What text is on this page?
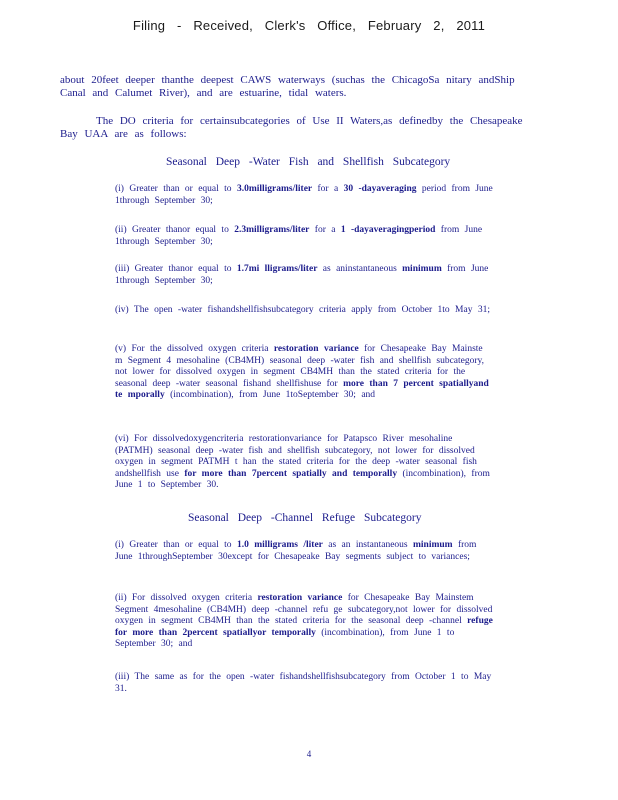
Filing - Received, Clerk's Office, February 2, 2011
about 20feet deeper thanthe deepest CAWS waterways (suchas the ChicagoSa nitary andShip Canal and Calumet River), and are estuarine, tidal waters.
The DO criteria for certainsubcategories of Use II Waters,as definedby the Chesapeake Bay UAA are as follows:
Seasonal Deep -Water Fish and Shellfish Subcategory
(i) Greater than or equal to 3.0milligrams/liter for a 30 -dayaveraging period from June 1through September 30;
(ii) Greater thanor equal to 2.3milligrams/liter for a 1 -dayaveragingperiod from June 1through September 30;
(iii) Greater thanor equal to 1.7mi lligrams/liter as aninstantaneous minimum from June 1through September 30;
(iv) The open -water fishandshellfishsubcategory criteria apply from October 1to May 31;
(v) For the dissolved oxygen criteria restoration variance for Chesapeake Bay Mainste m Segment 4 mesohaline (CB4MH) seasonal deep -water fish and shellfish subcategory, not lower for dissolved oxygen in segment CB4MH than the stated criteria for the seasonal deep -water seasonal fishand shellfishuse for more than 7 percent spatiallyand te mporally (incombination), from June 1toSeptember 30; and
(vi) For dissolvedoxygencriteria restorationvariance for Patapsco River mesohaline (PATMH) seasonal deep -water fish and shellfish subcategory, not lower for dissolved oxygen in segment PATMH t han the stated criteria for the deep -water seasonal fish andshellfish use for more than 7percent spatially and temporally (incombination), from June 1 to September 30.
Seasonal Deep -Channel Refuge Subcategory
(i) Greater than or equal to 1.0 milligrams /liter as an instantaneous minimum from June 1throughSeptember 30except for Chesapeake Bay segments subject to variances;
(ii) For dissolved oxygen criteria restoration variance for Chesapeake Bay Mainstem Segment 4mesohaline (CB4MH) deep -channel refu ge subcategory,not lower for dissolved oxygen in segment CB4MH than the stated criteria for the seasonal deep -channel refuge for more than 2percent spatiallyor temporally (incombination), from June 1 to September 30; and
(iii) The same as for the open -water fishandshellfishsubcategory from October 1 to May 31.
4
